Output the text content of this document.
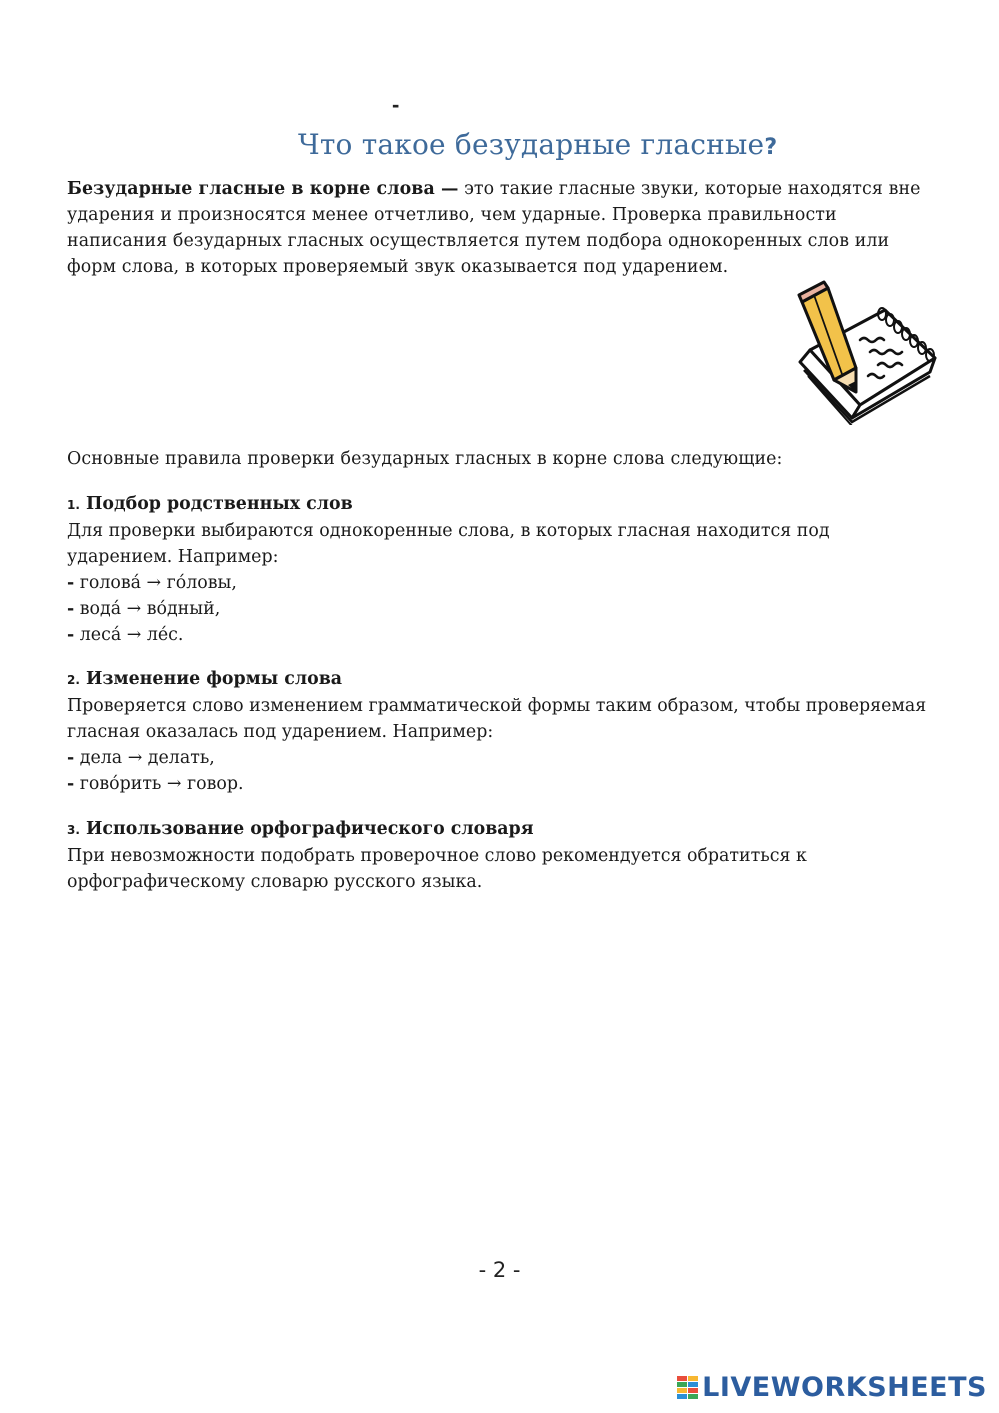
-
Что такое безударные гласные?
Безударные гласные в корне слова — это такие гласные звуки, которые находятся вне ударения и произносятся менее отчетливо, чем ударные. Проверка правильности написания безударных гласных осуществляется путем подбора однокоренных слов или форм слова, в которых проверяемый звук оказывается под ударением.
Основные правила проверки безударных гласных в корне слова следующие:
1. Подбор родственных слов
Для проверки выбираются однокоренные слова, в которых гласная находится под ударением. Например:
- голова́ → го́ловы,
- вода́ → во́дный,
- леса́ → ле́с.
2. Изменение формы слова
Проверяется слово изменением грамматической формы таким образом, чтобы проверяемая гласная оказалась под ударением. Например:
- дела → делать,
- гово́рить → говор.
3. Использование орфографического словаря
При невозможности подобрать проверочное слово рекомендуется обратиться к орфографическому словарю русского языка.
- 2 -
LIVEWORKSHEETS
